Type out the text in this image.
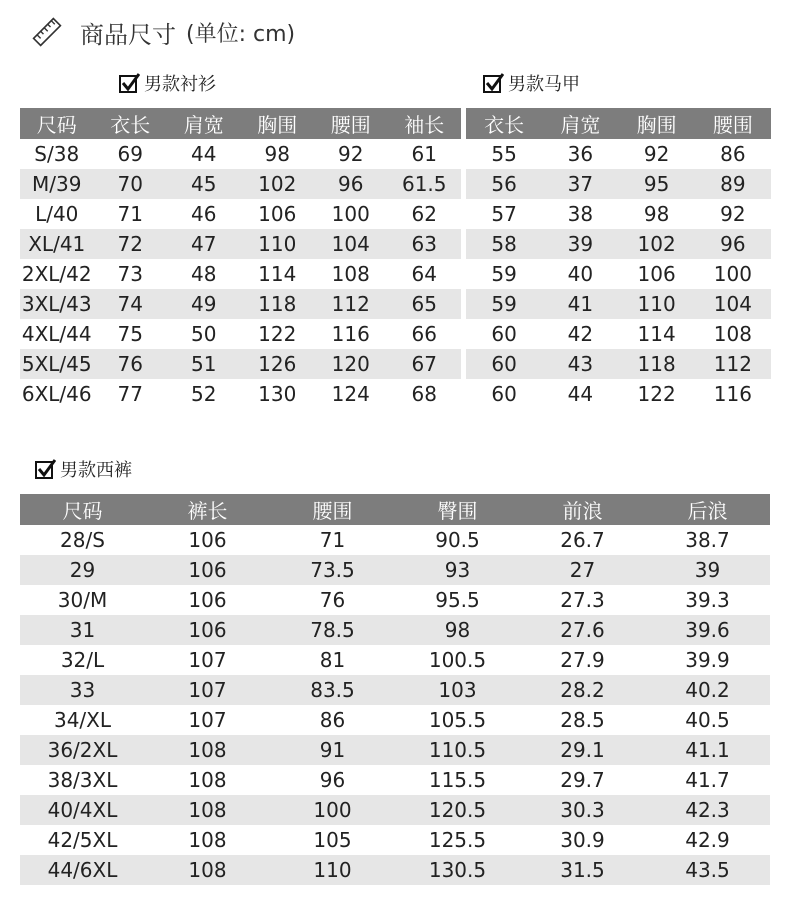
商品尺寸 (单位: cm)
男款衬衫	男款马甲
男款西裤
尺码	衣长	肩宽	胸围	腰围	袖长
S/38	69	44	98	92	61
M/39	70	45	102	96	61.5
L/40	71	46	106	100	62
XL/41	72	47	110	104	63
2XL/42	73	48	114	108	64
3XL/43	74	49	118	112	65
4XL/44	75	50	122	116	66
5XL/45	76	51	126	120	67
6XL/46	77	52	130	124	68
衣长	肩宽	胸围	腰围
55	36	92	86
56	37	95	89
57	38	98	92
58	39	102	96
59	40	106	100
59	41	110	104
60	42	114	108
60	43	118	112
60	44	122	116
尺码	裤长	腰围	臀围	前浪	后浪
28/S	106	71	90.5	26.7	38.7
29	106	73.5	93	27	39
30/M	106	76	95.5	27.3	39.3
31	106	78.5	98	27.6	39.6
32/L	107	81	100.5	27.9	39.9
33	107	83.5	103	28.2	40.2
34/XL	107	86	105.5	28.5	40.5
36/2XL	108	91	110.5	29.1	41.1
38/3XL	108	96	115.5	29.7	41.7
40/4XL	108	100	120.5	30.3	42.3
42/5XL	108	105	125.5	30.9	42.9
44/6XL	108	110	130.5	31.5	43.5
